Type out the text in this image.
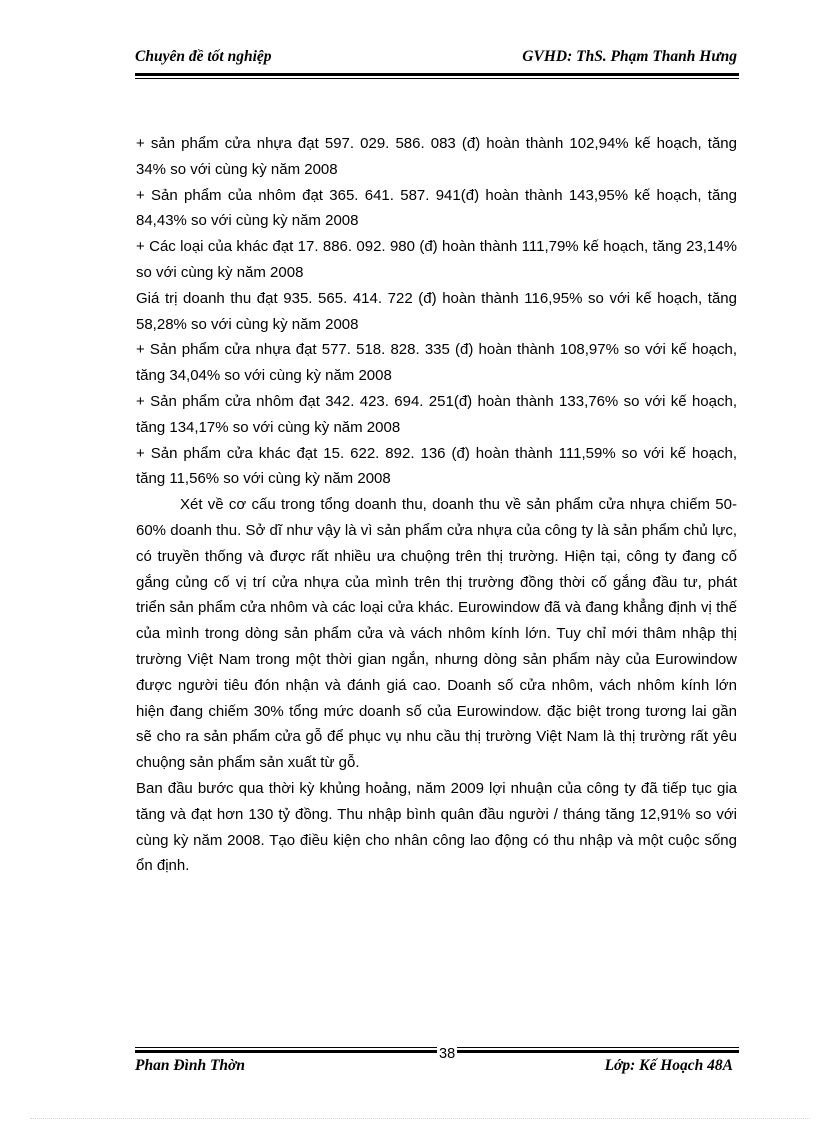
Chuyên đề tốt nghiệp	GVHD: ThS. Phạm Thanh Hưng

+ sản phẩm cửa nhựa đạt 597. 029. 586. 083 (đ) hoàn thành 102,94% kế hoạch, tăng 34% so với cùng kỳ năm 2008

+ Sản phẩm của nhôm đạt 365. 641. 587. 941(đ) hoàn thành 143,95% kế hoạch, tăng 84,43% so với cùng kỳ năm 2008

+ Các loại của khác đạt 17. 886. 092. 980 (đ) hoàn thành 111,79% kế hoạch, tăng 23,14% so với cùng kỳ năm 2008

Giá trị doanh thu đạt 935. 565. 414. 722 (đ) hoàn thành 116,95% so với kế hoạch, tăng 58,28% so với cùng kỳ năm 2008

+ Sản phẩm cửa nhựa đạt 577. 518. 828. 335 (đ) hoàn thành 108,97% so với kế hoạch, tăng 34,04% so với cùng kỳ năm 2008

+ Sản phẩm cửa nhôm đạt 342. 423. 694. 251(đ) hoàn thành 133,76% so với kế hoạch, tăng 134,17% so với cùng kỳ năm 2008

+ Sản phẩm cửa khác đạt 15. 622. 892. 136 (đ) hoàn thành 111,59% so với kế hoạch, tăng 11,56% so với cùng kỳ năm 2008

Xét về cơ cấu trong tổng doanh thu, doanh thu về sản phẩm cửa nhựa chiếm 50-60% doanh thu. Sở dĩ như vậy là vì sản phẩm cửa nhựa của công ty là sản phẩm chủ lực, có truyền thống và được rất nhiều ưa chuộng trên thị trường. Hiện tại, công ty đang cố gắng củng cố vị trí cửa nhựa của mình trên thị trường đồng thời cố gắng đầu tư, phát triển sản phẩm cửa nhôm và các loại cửa khác. Eurowindow đã và đang khẳng định vị thế của mình trong dòng sản phẩm cửa và vách nhôm kính lớn. Tuy chỉ mới thâm nhập thị trường Việt Nam trong một thời gian ngắn, nhưng dòng sản phẩm này của Eurowindow được người tiêu đón nhận và đánh giá cao. Doanh số cửa nhôm, vách nhôm kính lớn hiện đang chiếm 30% tổng mức doanh số của Eurowindow. đặc biệt trong tương lai gần sẽ cho ra sản phẩm cửa gỗ để phục vụ nhu cầu thị trường Việt Nam là thị trường rất yêu chuộng sản phẩm sản xuất từ gỗ.

Ban đầu bước qua thời kỳ khủng hoảng, năm 2009 lợi nhuận của công ty đã tiếp tục gia tăng và đạt hơn 130 tỷ đồng. Thu nhập bình quân đầu người / tháng tăng 12,91% so với cùng kỳ năm 2008. Tạo điều kiện cho nhân công lao động có thu nhập và một cuộc sống ổn định.

38
Phan Đình Thờn	Lớp: Kế Hoạch 48A
